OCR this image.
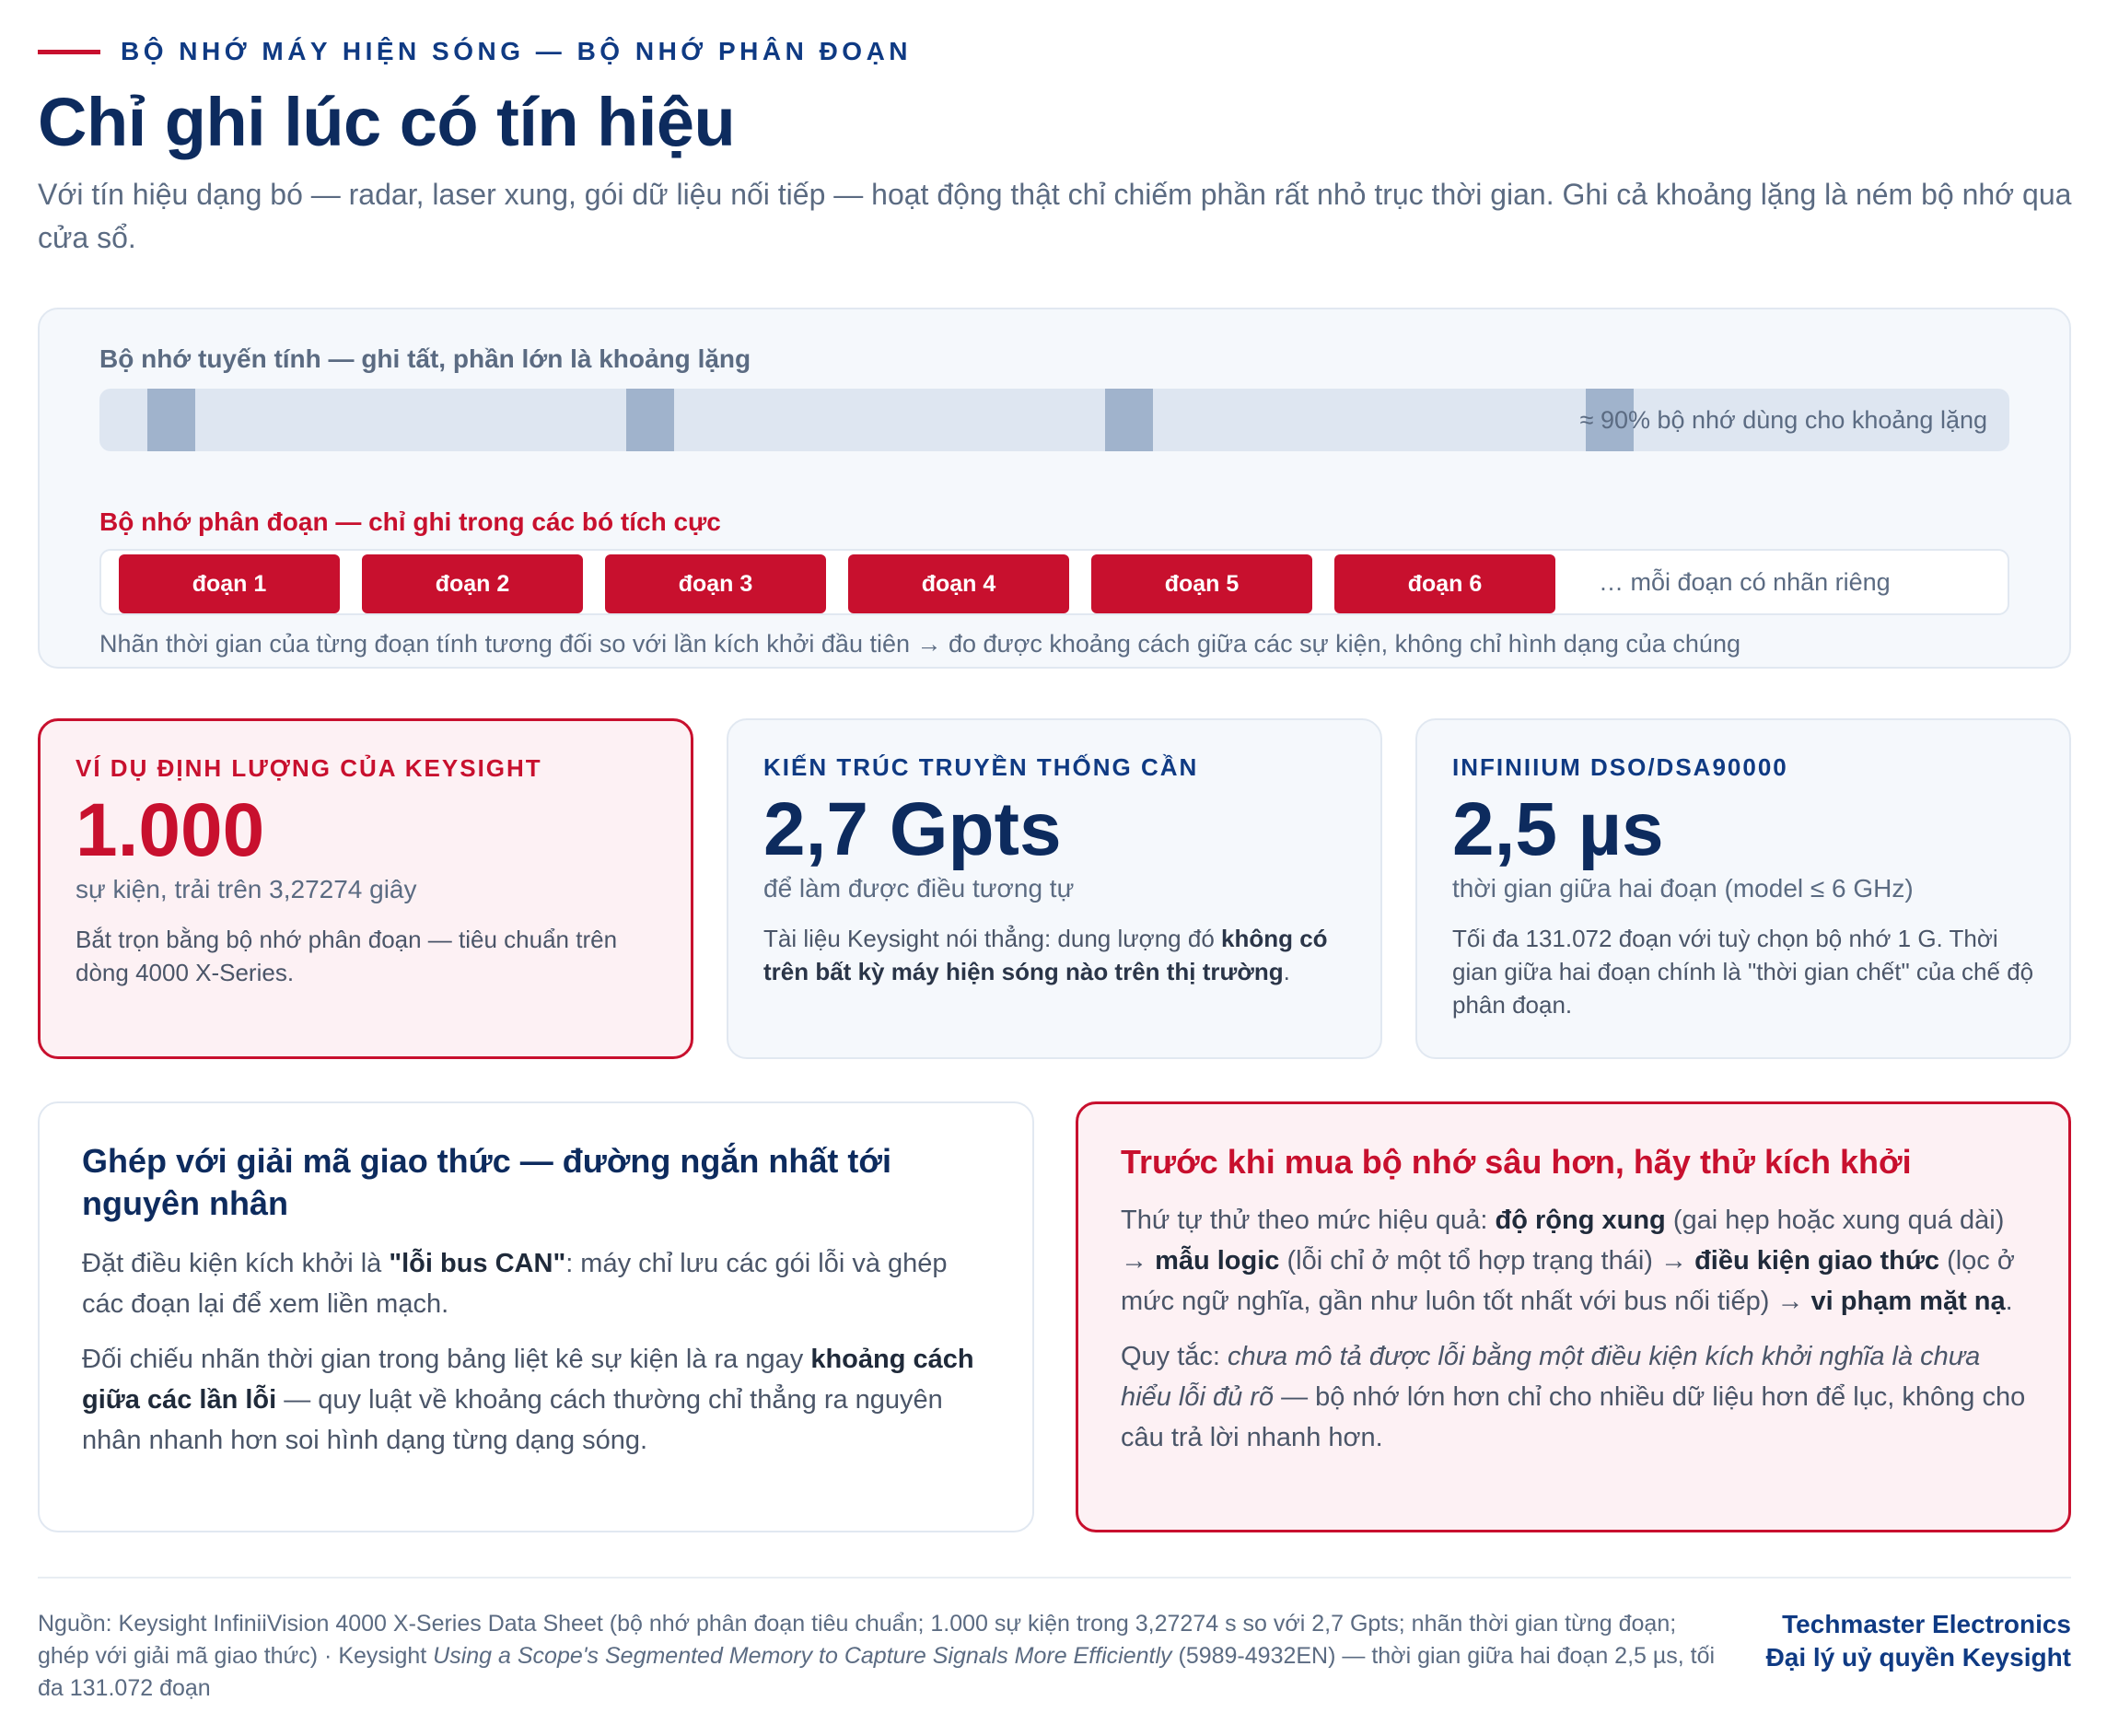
BỘ NHỚ MÁY HIỆN SÓNG — BỘ NHỚ PHÂN ĐOẠN
Chỉ ghi lúc có tín hiệu

Với tín hiệu dạng bó — radar, laser xung, gói dữ liệu nối tiếp — hoạt động thật chỉ chiếm phần rất nhỏ trục thời gian. Ghi cả khoảng lặng là ném bộ nhớ qua cửa sổ.

Bộ nhớ tuyến tính — ghi tất, phần lớn là khoảng lặng
≈ 90% bộ nhớ dùng cho khoảng lặng
Bộ nhớ phân đoạn — chỉ ghi trong các bó tích cực
đoạn 1	đoạn 2	đoạn 3	đoạn 4	đoạn 5	đoạn 6	… mỗi đoạn có nhãn riêng
Nhãn thời gian của từng đoạn tính tương đối so với lần kích khởi đầu tiên → đo được khoảng cách giữa các sự kiện, không chỉ hình dạng của chúng
VÍ DỤ ĐỊNH LƯỢNG CỦA KEYSIGHT
1.000
sự kiện, trải trên 3,27274 giây
Bắt trọn bằng bộ nhớ phân đoạn — tiêu chuẩn trên dòng 4000 X-Series.
KIẾN TRÚC TRUYỀN THỐNG CẦN
2,7 Gpts
để làm được điều tương tự
Tài liệu Keysight nói thẳng: dung lượng đó không có trên bất kỳ máy hiện sóng nào trên thị trường.
INFINIIUM DSO/DSA90000
2,5 µs
thời gian giữa hai đoạn (model ≤ 6 GHz)
Tối đa 131.072 đoạn với tuỳ chọn bộ nhớ 1 G. Thời gian giữa hai đoạn chính là "thời gian chết" của chế độ phân đoạn.
Ghép với giải mã giao thức — đường ngắn nhất tới nguyên nhân

Đặt điều kiện kích khởi là "lỗi bus CAN": máy chỉ lưu các gói lỗi và ghép các đoạn lại để xem liền mạch.

Đối chiếu nhãn thời gian trong bảng liệt kê sự kiện là ra ngay khoảng cách giữa các lần lỗi — quy luật về khoảng cách thường chỉ thẳng ra nguyên nhân nhanh hơn soi hình dạng từng dạng sóng.

Trước khi mua bộ nhớ sâu hơn, hãy thử kích khởi

Thứ tự thử theo mức hiệu quả: độ rộng xung (gai hẹp hoặc xung quá dài) → mẫu logic (lỗi chỉ ở một tổ hợp trạng thái) → điều kiện giao thức (lọc ở mức ngữ nghĩa, gần như luôn tốt nhất với bus nối tiếp) → vi phạm mặt nạ.

Quy tắc: chưa mô tả được lỗi bằng một điều kiện kích khởi nghĩa là chưa hiểu lỗi đủ rõ — bộ nhớ lớn hơn chỉ cho nhiều dữ liệu hơn để lục, không cho câu trả lời nhanh hơn.

Nguồn: Keysight InfiniiVision 4000 X-Series Data Sheet (bộ nhớ phân đoạn tiêu chuẩn; 1.000 sự kiện trong 3,27274 s so với 2,7 Gpts; nhãn thời gian từng đoạn; ghép với giải mã giao thức) · Keysight Using a Scope's Segmented Memory to Capture Signals More Efficiently (5989-4932EN) — thời gian giữa hai đoạn 2,5 µs, tối đa 131.072 đoạn
Techmaster Electronics
Đại lý uỷ quyền Keysight
